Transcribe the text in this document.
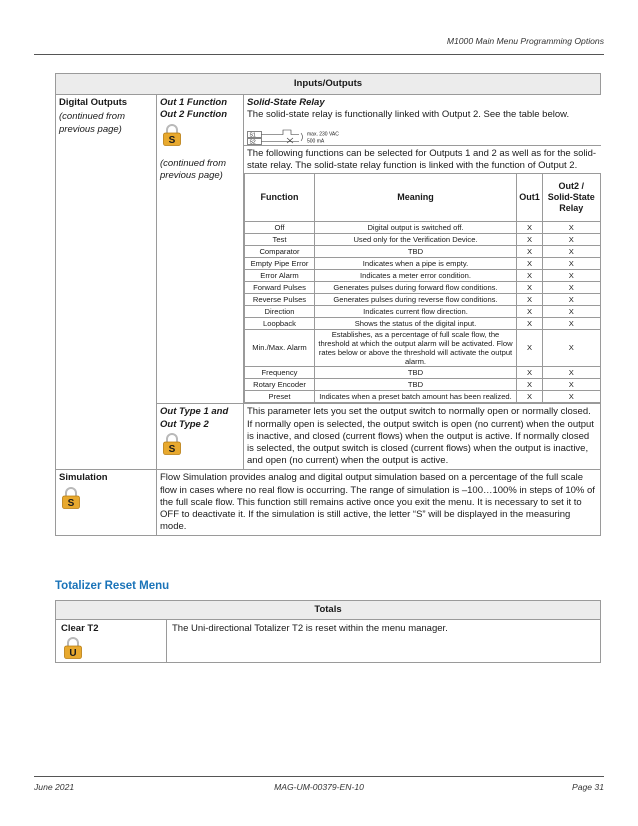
M1000 Main Menu Programming Options
Inputs/Outputs

Digital Outputs
(continued from previous page)

Out 1 Function
Out 2 Function
S
(continued from previous page)

Solid-State Relay
The solid-state relay is functionally linked with Output 2. See the table below.
S1
S2
max. 230 VAC
500 mA
The following functions can be selected for Outputs 1 and 2 as well as for the solid-state relay. The solid-state relay function is linked with the function of Output 2.
Function	Meaning	Out1	Out2 / Solid-State Relay
Off	Digital output is switched off.	X	X
Test	Used only for the Verification Device.	X	X
Comparator	TBD	X	X
Empty Pipe Error	Indicates when a pipe is empty.	X	X
Error Alarm	Indicates a meter error condition.	X	X
Forward Pulses	Generates pulses during forward flow conditions.	X	X
Reverse Pulses	Generates pulses during reverse flow conditions.	X	X
Direction	Indicates current flow direction.	X	X
Loopback	Shows the status of the digital input.	X	X
Min./Max. Alarm	Establishes, as a percentage of full scale flow, the threshold at which the output alarm will be activated. Flow rates below or above the threshold will activate the output alarm.	X	X
Frequency	TBD	X	X
Rotary Encoder	TBD	X	X
Preset	Indicates when a preset batch amount has been realized.	X	X

Out Type 1 and
Out Type 2
S
	This parameter lets you set the output switch to normally open or normally closed. If normally open is selected, the output switch is open (no current) when the output is inactive, and closed (current flows) when the output is active. If normally closed is selected, the output switch is closed (current flows) when the output is inactive, and open (no current) when the output is active.

Simulation
S
	Flow Simulation provides analog and digital output simulation based on a percentage of the full scale flow in cases where no real flow is occurring. The range of simulation is –100…100% in steps of 10% of the full scale flow. This function still remains active once you exit the menu. It is necessary to set it to OFF to deactivate it. If the simulation is still active, the letter “S” will be displayed in the measuring mode.
Totalizer Reset Menu
Totals

Clear T2
U
	The Uni-directional Totalizer T2 is reset within the menu manager.
June 2021	MAG-UM-00379-EN-10	Page 31
